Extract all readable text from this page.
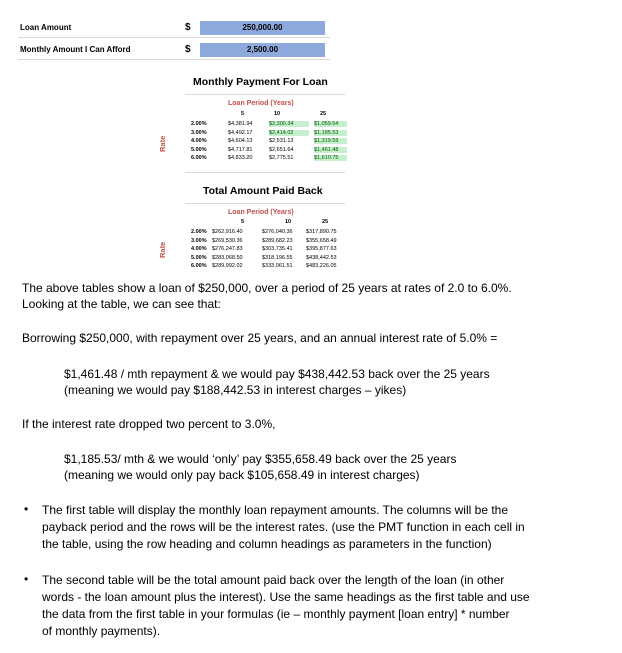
Loan Amount	$	250,000.00
Monthly Amount I Can Afford	$	2,500.00
Monthly Payment For Loan
Loan Period (Years)
Rate
5	10	25
2.00%	$4,381.94	$2,300.34	$1,059.64
3.00%	$4,492.17	$2,414.02	$1,185.53
4.00%	$4,604.13	$2,531.13	$1,319.59
5.00%	$4,717.81	$2,651.64	$1,461.48
6.00%	$4,833.20	$2,775.51	$1,610.75
Total Amount Paid Back
Loan Period (Years)
Rate
5	10	25
2.00% $262,916.40	$276,040.36 $317,890.75
3.00% $269,530.36	$289,682.23 $355,658.49
4.00% $276,247.83	$303,735.41 $395,877.63
5.00% $283,068.50	$318,196.55 $438,442.53
6.00% $289,992.02	$333,061.51 $483,226.05
The above tables show a loan of $250,000, over a period of 25 years at rates of 2.0 to 6.0%.
Looking at the table, we can see that:
Borrowing $250,000, with repayment over 25 years, and an annual interest rate of 5.0% =
$1,461.48 / mth repayment & we would pay $438,442.53 back over the 25 years
(meaning we would pay $188,442.53 in interest charges – yikes)
If the interest rate dropped two percent to 3.0%,
$1,185.53/ mth & we would ‘only’ pay $355,658.49 back over the 25 years
(meaning we would only pay back $105,658.49 in interest charges)
• The first table will display the monthly loan repayment amounts. The columns will be the
payback period and the rows will be the interest rates. (use the PMT function in each cell in
the table, using the row heading and column headings as parameters in the function)
• The second table will be the total amount paid back over the length of the loan (in other
words - the loan amount plus the interest). Use the same headings as the first table and use
the data from the first table in your formulas (ie – monthly payment [loan entry] * number
of monthly payments).
